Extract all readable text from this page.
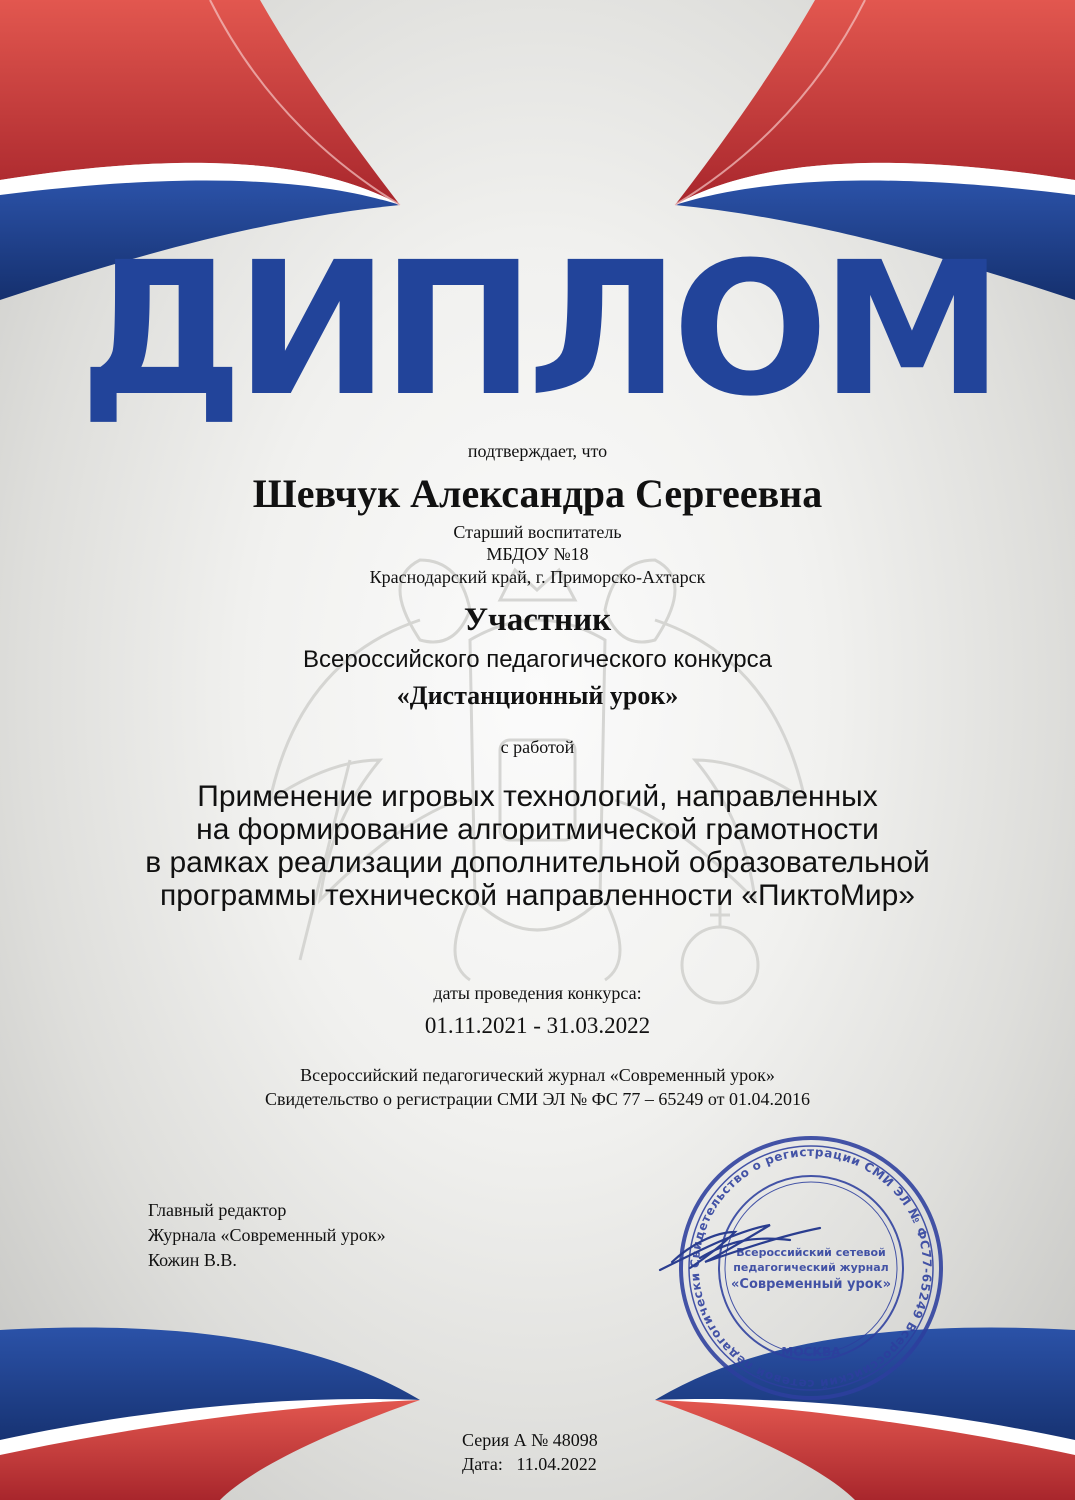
ДИПЛОМ

подтверждает, что

Шевчук Александра Сергеевна

Старший воспитатель

МБДОУ №18

Краснодарский край, г. Приморско-Ахтарск

Участник

Всероссийского педагогического конкурса

«Дистанционный урок»

с работой

Применение игровых технологий, направленных

на формирование алгоритмической грамотности

в рамках реализации дополнительной образовательной

программы технической направленности «ПиктоМир»

даты проведения конкурса:

01.11.2021 - 31.03.2022

Всероссийский педагогический журнал «Современный урок»

Свидетельство о регистрации СМИ ЭЛ № ФС 77 – 65249 от 01.04.2016

Главный редактор
Журнала «Современный урок»
Кожин В.В.	Свидетельство о регистрации СМИ ЭЛ № ФС77-65249 Всероссийский сетевой педагогически
Всероссийский сетевой
педагогический журнал
«Современный урок»
МОСКВА
Серия А № 48098
Дата:   11.04.2022
